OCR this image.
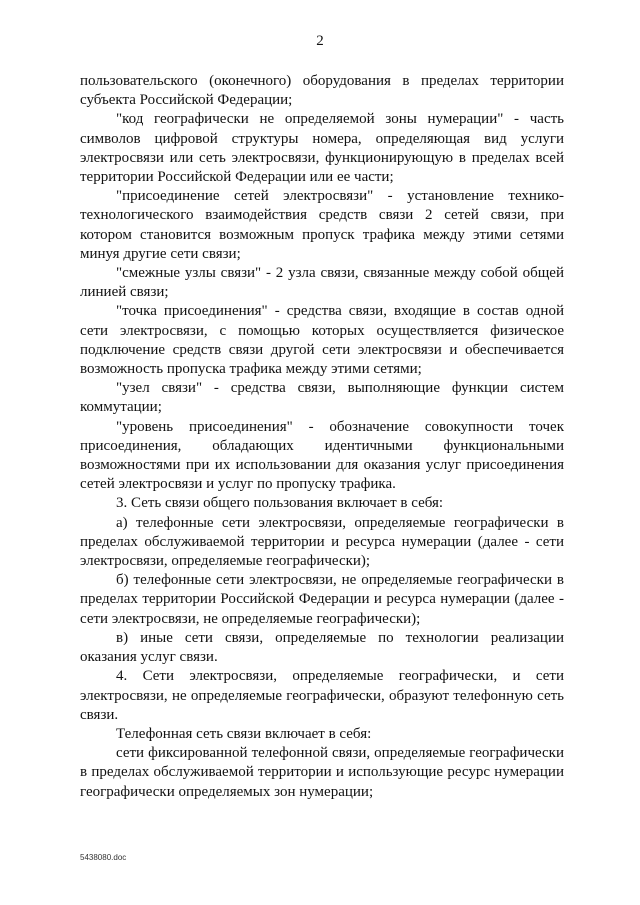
2

пользовательского (оконечного) оборудования в пределах территории субъекта Российской Федерации;

"код географически не определяемой зоны нумерации" - часть символов цифровой структуры номера, определяющая вид услуги электросвязи или сеть электросвязи, функционирующую в пределах всей территории Российской Федерации или ее части;

"присоединение сетей электросвязи" - установление технико-технологического взаимодействия средств связи 2 сетей связи, при котором становится возможным пропуск трафика между этими сетями минуя другие сети связи;

"смежные узлы связи" - 2 узла связи, связанные между собой общей линией связи;

"точка присоединения" - средства связи, входящие в состав одной сети электросвязи, с помощью которых осуществляется физическое подключение средств связи другой сети электросвязи и обеспечивается возможность пропуска трафика между этими сетями;

"узел связи" - средства связи, выполняющие функции систем коммутации;

"уровень присоединения" - обозначение совокупности точек присоединения, обладающих идентичными функциональными возможностями при их использовании для оказания услуг присоединения сетей электросвязи и услуг по пропуску трафика.

3. Сеть связи общего пользования включает в себя:

а) телефонные сети электросвязи, определяемые географически в пределах обслуживаемой территории и ресурса нумерации (далее - сети электросвязи, определяемые географически);

б) телефонные сети электросвязи, не определяемые географически в пределах территории Российской Федерации и ресурса нумерации (далее - сети электросвязи, не определяемые географически);

в) иные сети связи, определяемые по технологии реализации оказания услуг связи.

4. Сети электросвязи, определяемые географически, и сети электросвязи, не определяемые географически, образуют телефонную сеть связи.

Телефонная сеть связи включает в себя:

сети фиксированной телефонной связи, определяемые географически в пределах обслуживаемой территории и использующие ресурс нумерации географически определяемых зон нумерации;

5438080.doc
